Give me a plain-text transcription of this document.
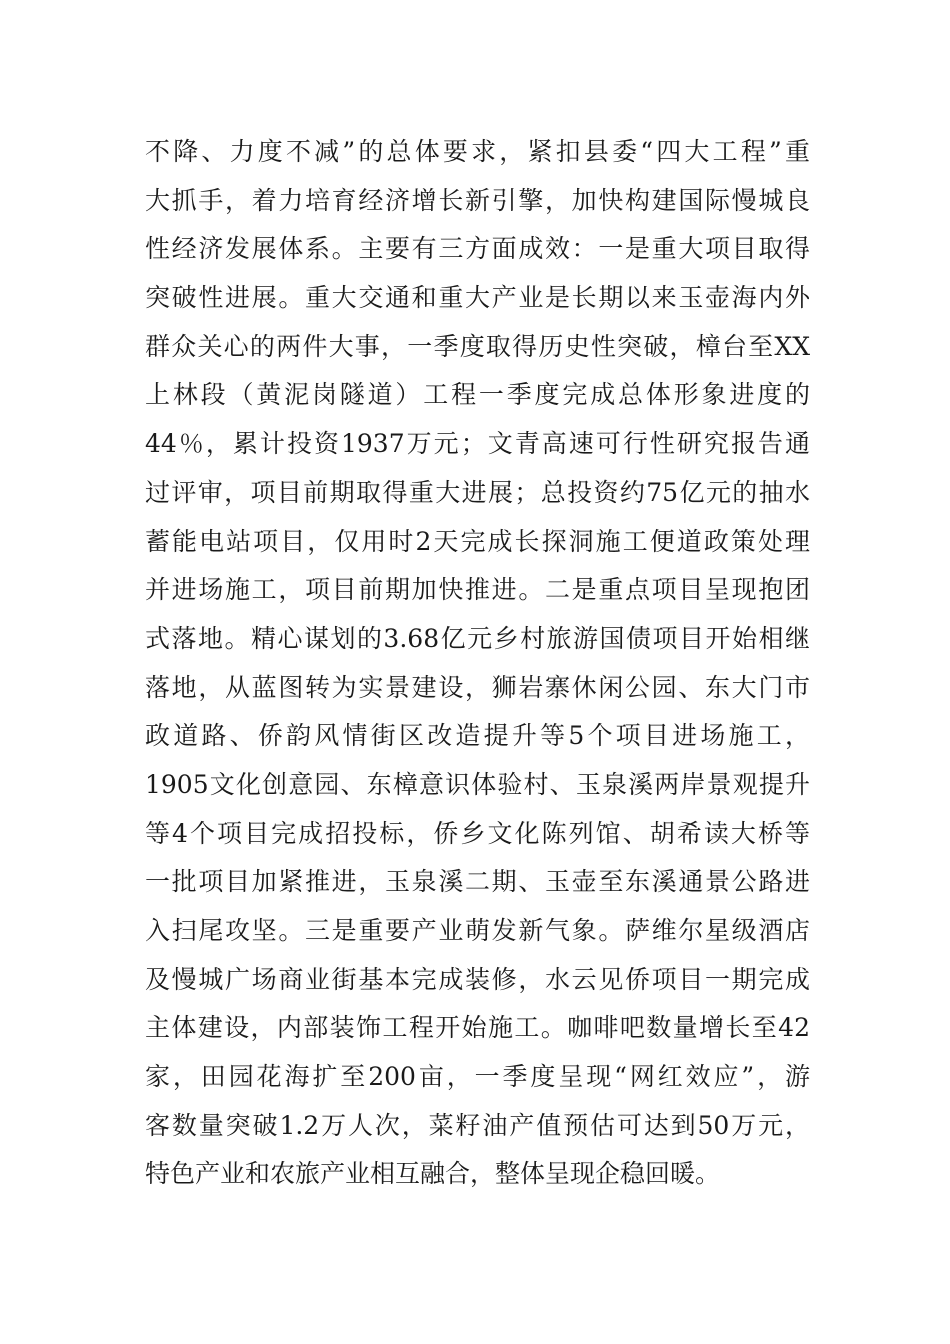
不降、力度不减”的总体要求，紧扣县委“四大工程”重
大抓手，着力培育经济增长新引擎，加快构建国际慢城良
性经济发展体系。主要有三方面成效：一是重大项目取得
突破性进展。重大交通和重大产业是长期以来玉壶海内外
群众关心的两件大事，一季度取得历史性突破，樟台至XX
上林段（黄泥岗隧道）工程一季度完成总体形象进度的
44％，累计投资1937万元；文青高速可行性研究报告通
过评审，项目前期取得重大进展；总投资约75亿元的抽水
蓄能电站项目，仅用时2天完成长探洞施工便道政策处理
并进场施工，项目前期加快推进。二是重点项目呈现抱团
式落地。精心谋划的3.68亿元乡村旅游国债项目开始相继
落地，从蓝图转为实景建设，狮岩寨休闲公园、东大门市
政道路、侨韵风情街区改造提升等5个项目进场施工，
1905文化创意园、东樟意识体验村、玉泉溪两岸景观提升
等4个项目完成招投标，侨乡文化陈列馆、胡希读大桥等
一批项目加紧推进，玉泉溪二期、玉壶至东溪通景公路进
入扫尾攻坚。三是重要产业萌发新气象。萨维尔星级酒店
及慢城广场商业街基本完成装修，水云见侨项目一期完成
主体建设，内部装饰工程开始施工。咖啡吧数量增长至42
家，田园花海扩至200亩，一季度呈现“网红效应”，游
客数量突破1.2万人次，菜籽油产值预估可达到50万元，
特色产业和农旅产业相互融合，整体呈现企稳回暖。
